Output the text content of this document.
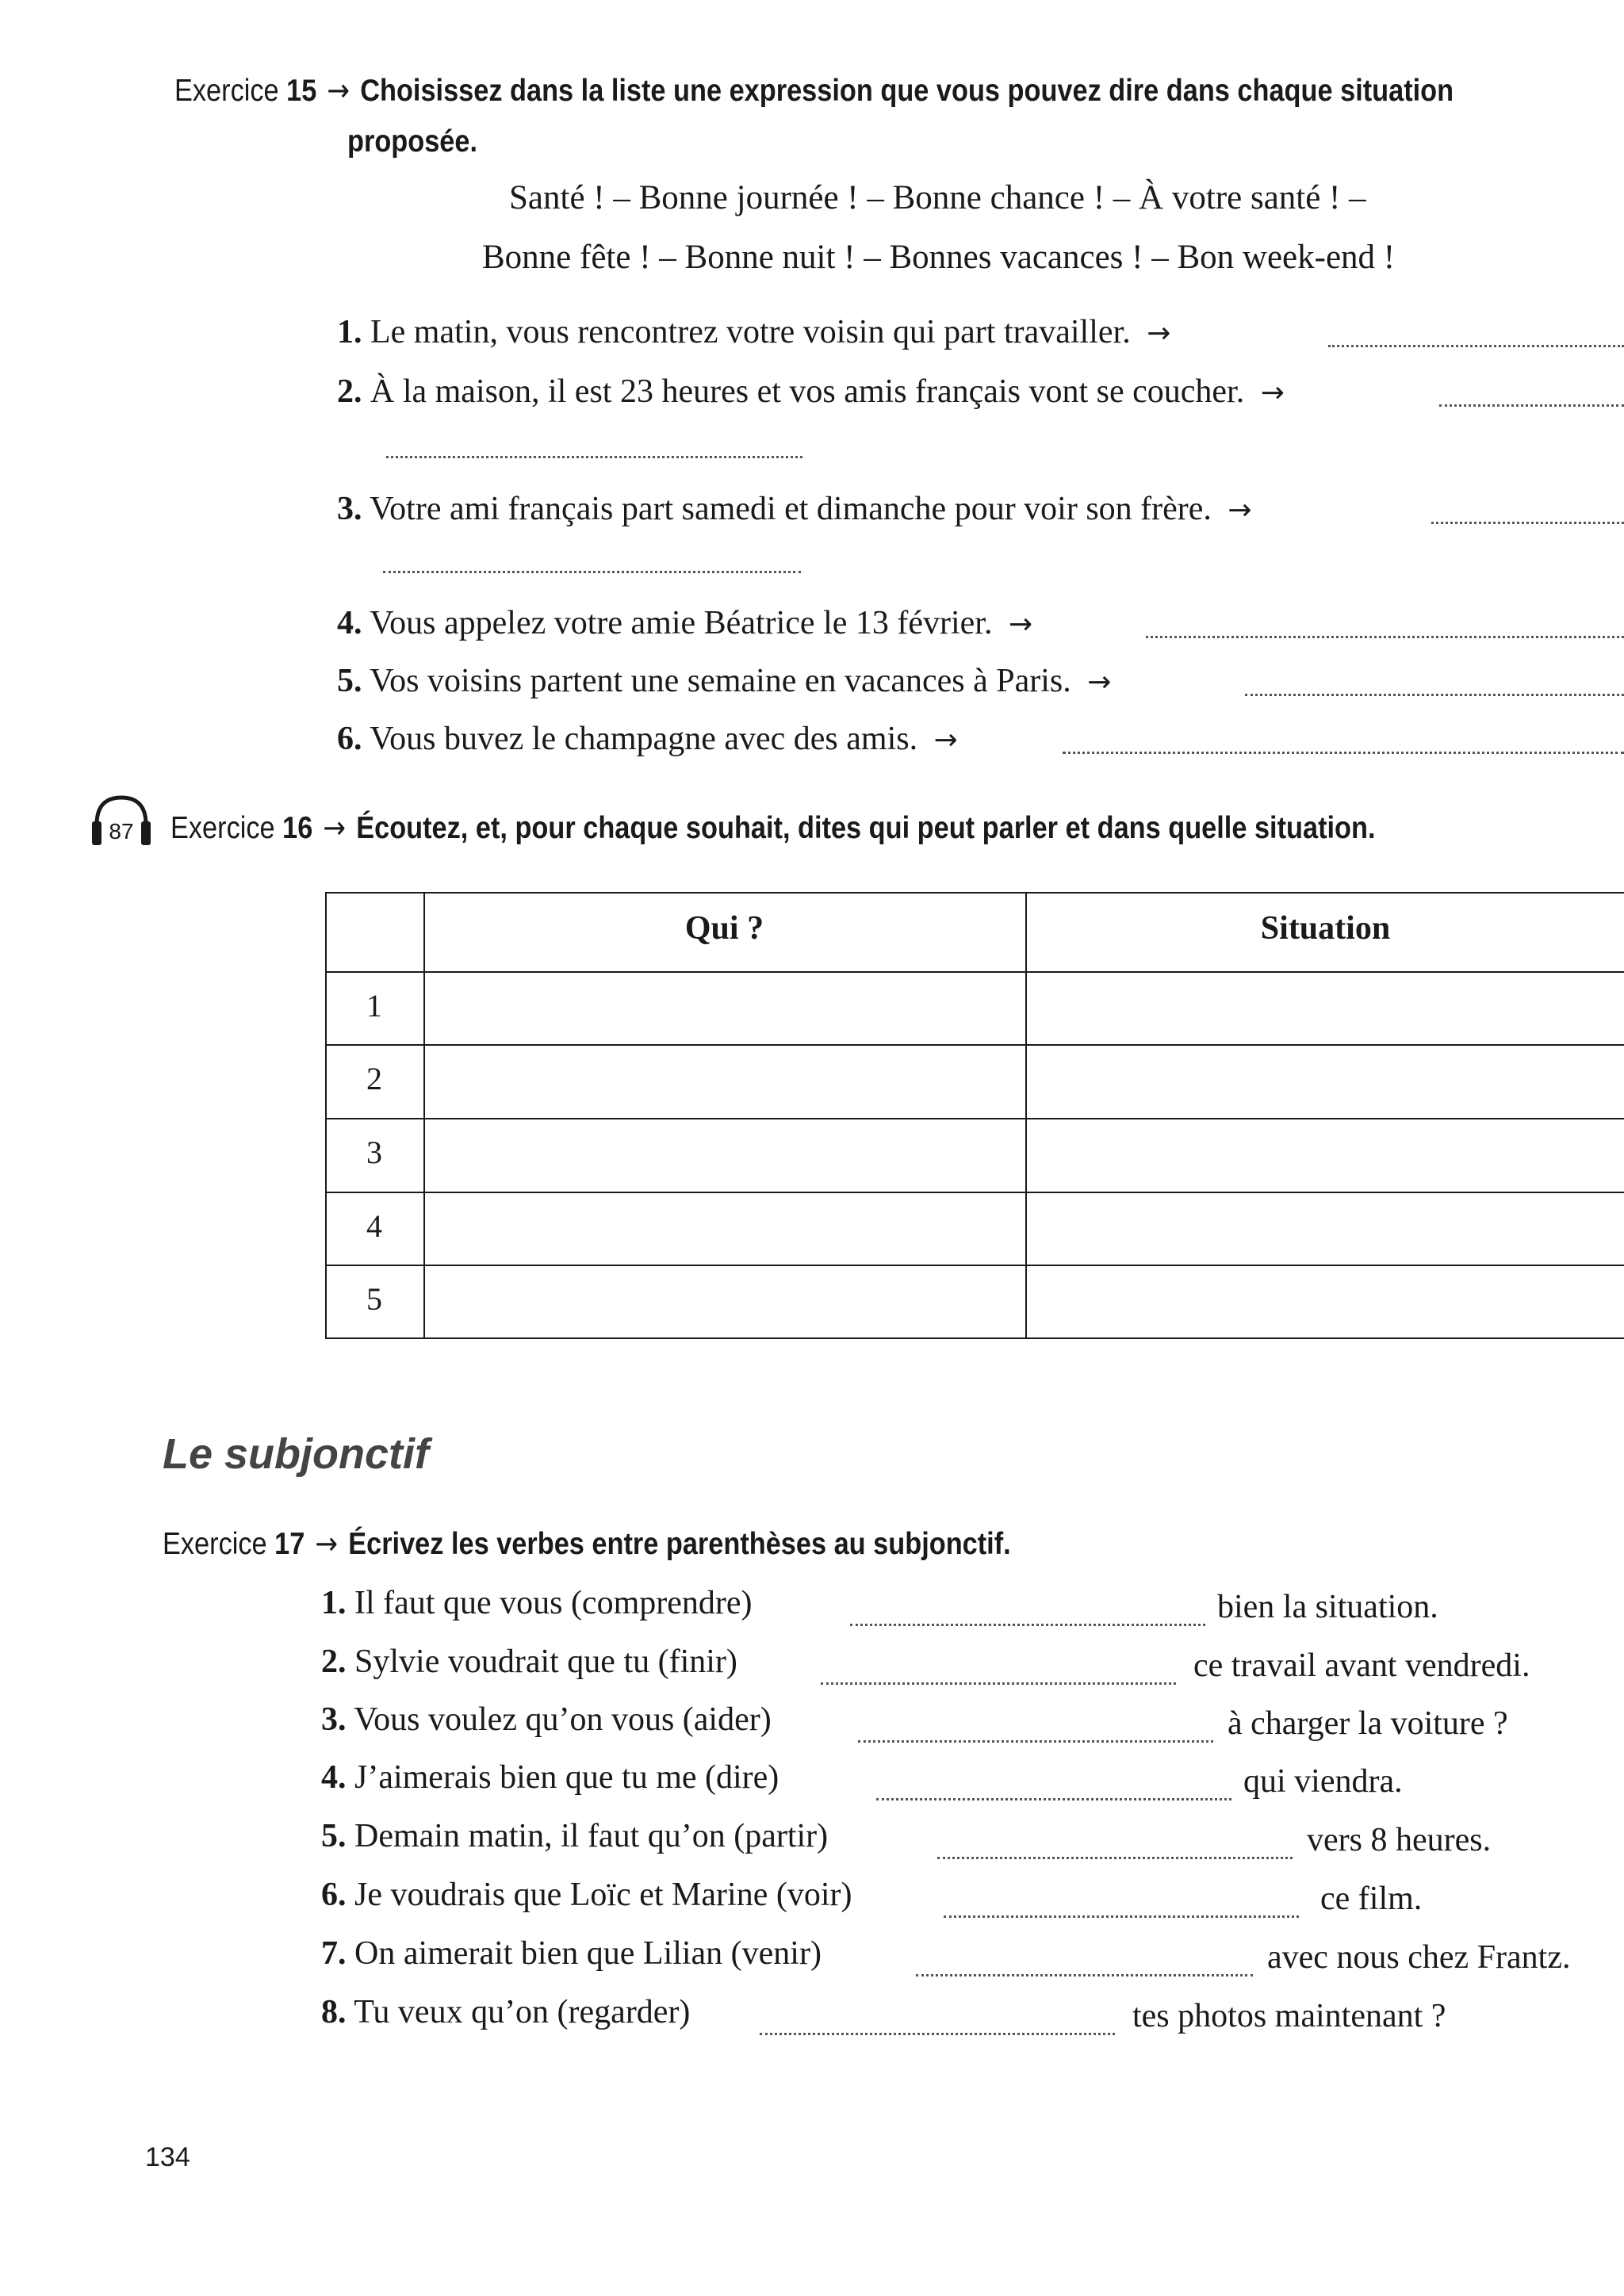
Exercice 15 → Choisissez dans la liste une expression que vous pouvez dire dans chaque situation
proposée.
Santé ! – Bonne journée ! – Bonne chance ! – À votre santé ! –
Bonne fête ! – Bonne nuit ! – Bonnes vacances ! – Bon week-end !
1. Le matin, vous rencontrez votre voisin qui part travailler. →
2. À la maison, il est 23 heures et vos amis français vont se coucher. →
3. Votre ami français part samedi et dimanche pour voir son frère. →
4. Vous appelez votre amie Béatrice le 13 février. →
5. Vos voisins partent une semaine en vacances à Paris. →
6. Vous buvez le champagne avec des amis. →
87 Exercice 16 → Écoutez, et, pour chaque souhait, dites qui peut parler et dans quelle situation.
Qui ?	Situation
1
2
3
4
5
Le subjonctif
Exercice 17 → Écrivez les verbes entre parenthèses au subjonctif.
1. Il faut que vous (comprendre)	bien la situation.
2. Sylvie voudrait que tu (finir)	ce travail avant vendredi.
3. Vous voulez qu’on vous (aider)	à charger la voiture ?
4. J’aimerais bien que tu me (dire)	qui viendra.
5. Demain matin, il faut qu’on (partir)	vers 8 heures.
6. Je voudrais que Loïc et Marine (voir)	ce film.
7. On aimerait bien que Lilian (venir)	avec nous chez Frantz.
8. Tu veux qu’on (regarder)	tes photos maintenant ?
134
